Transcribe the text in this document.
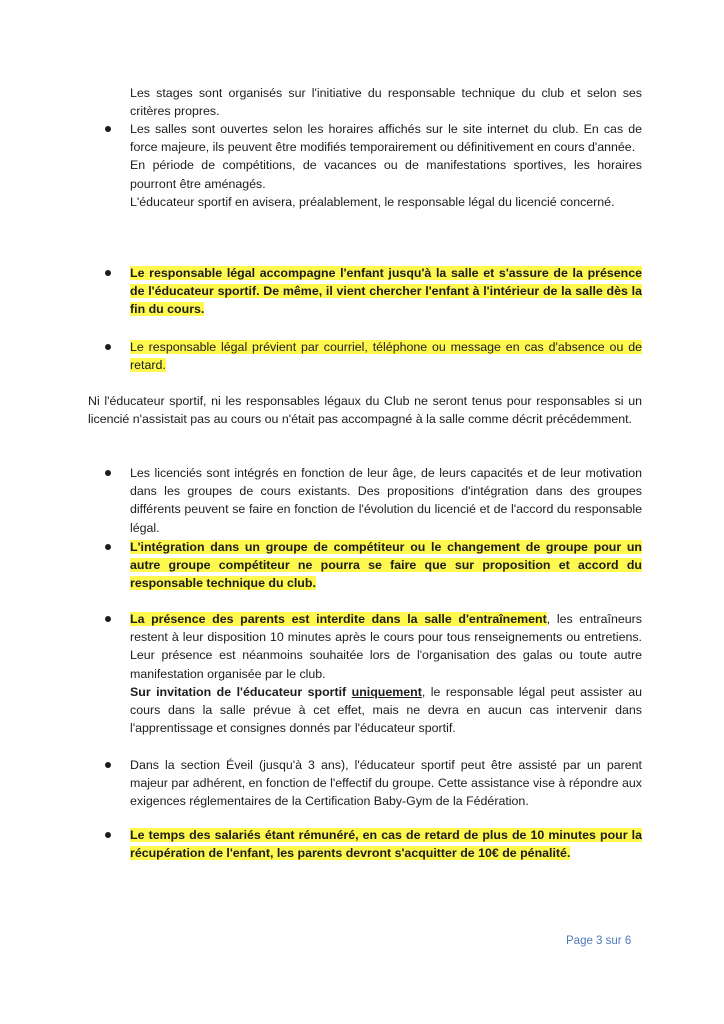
Les stages sont organisés sur l'initiative du responsable technique du club et selon ses critères propres.

Les salles sont ouvertes selon les horaires affichés sur le site internet du club. En cas de force majeure, ils peuvent être modifiés temporairement ou définitivement en cours d'année.

En période de compétitions, de vacances ou de manifestations sportives, les horaires pourront être aménagés.

L'éducateur sportif en avisera, préalablement, le responsable légal du licencié concerné.

Le responsable légal accompagne l'enfant jusqu'à la salle et s'assure de la présence de l'éducateur sportif. De même, il vient chercher l'enfant à l'intérieur de la salle dès la fin du cours.

Le responsable légal prévient par courriel, téléphone ou message en cas d'absence ou de retard.

Ni l'éducateur sportif, ni les responsables légaux du Club ne seront tenus pour responsables si un licencié n'assistait pas au cours ou n'était pas accompagné à la salle comme décrit précédemment.

Les licenciés sont intégrés en fonction de leur âge, de leurs capacités et de leur motivation dans les groupes de cours existants. Des propositions d'intégration dans des groupes différents peuvent se faire en fonction de l'évolution du licencié et de l'accord du responsable légal.

L'intégration dans un groupe de compétiteur ou le changement de groupe pour un autre groupe compétiteur ne pourra se faire que sur proposition et accord du responsable technique du club.

La présence des parents est interdite dans la salle d'entraînement, les entraîneurs restent à leur disposition 10 minutes après le cours pour tous renseignements ou entretiens. Leur présence est néanmoins souhaitée lors de l'organisation des galas ou toute autre manifestation organisée par le club.

Sur invitation de l'éducateur sportif uniquement, le responsable légal peut assister au cours dans la salle prévue à cet effet, mais ne devra en aucun cas intervenir dans l'apprentissage et consignes donnés par l'éducateur sportif.

Dans la section Éveil (jusqu'à 3 ans), l'éducateur sportif peut être assisté par un parent majeur par adhérent, en fonction de l'effectif du groupe. Cette assistance vise à répondre aux exigences réglementaires de la Certification Baby-Gym de la Fédération.

Le temps des salariés étant rémunéré, en cas de retard de plus de 10 minutes pour la récupération de l'enfant, les parents devront s'acquitter de 10€ de pénalité.

Page 3 sur 6
